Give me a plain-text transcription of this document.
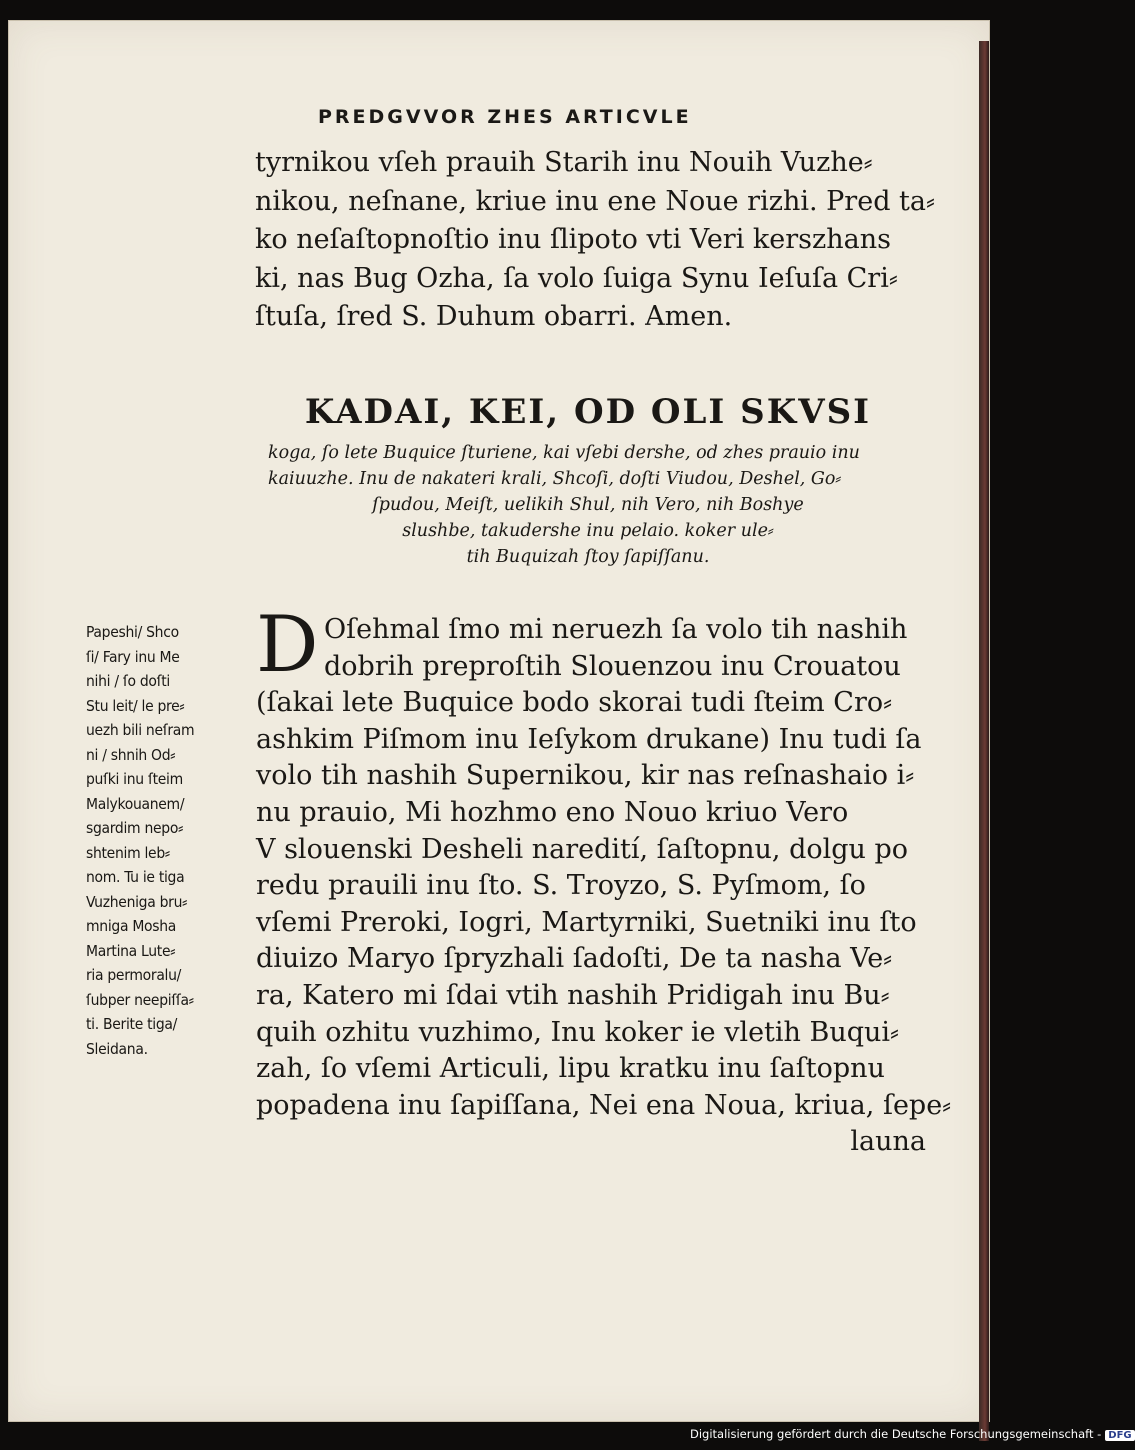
PREDGVVOR ZHES ARTICVLE

tyrnikou vſeh prauih Starih inu Nouih Vuzhe⸗

nikou, neſnane, kriue inu ene Noue rizhi. Pred ta⸗

ko neſaſtopnoſtio inu ſlipoto vti Veri kerszhans

ki, nas Bug Ozha, ſa volo ſuiga Synu Ieſuſa Cri⸗

ſtuſa, ſred S. Duhum obarri. Amen.

KADAI, KEI, OD OLI SKVSI

koga, ſo lete Buquice ſturiene, kai vſebi dershe, od zhes prauio inu

kaiuuzhe. Inu de nakateri krali, Shcoſi, doſti Viudou, Deshel, Go⸗

ſpudou, Meiſt, uelikih Shul, nih Vero, nih Boshye

slushbe, takudershe inu pelaio. koker ule⸗

tih Buquizah ſtoy ſapiſſanu.

Papeshi/ Shco

ſi/ Fary inu Me

nihi / ſo doſti

Stu leit/ le pre⸗

uezh bili neſram

ni / shnih Od⸗

puſki inu ſteim

Malykouanem/

sgardim nepo⸗

shtenim leb⸗

nom. Tu ie tiga

Vuzheniga bru⸗

mniga Mosha

Martina Lute⸗

ria permoralu/

ſubper neepiſſa⸗

ti. Berite tiga/

Sleidana.

D Oſehmal ſmo mi neruezh ſa volo tih nashih

dobrih preproſtih Slouenzou inu Crouatou

(ſakai lete Buquice bodo skorai tudi ſteim Cro⸗

ashkim Piſmom inu Ieſykom drukane) Inu tudi ſa

volo tih nashih Supernikou, kir nas reſnashaio i⸗

nu prauio, Mi hozhmo eno Nouo kriuo Vero

V slouenski Desheli naredití, ſaſtopnu, dolgu po

redu prauili inu ſto. S. Troyzo, S. Pyſmom, ſo

vſemi Preroki, Iogri, Martyrniki, Suetniki inu ſto

diuizo Maryo ſpryzhali ſadoſti, De ta nasha Ve⸗

ra, Katero mi ſdai vtih nashih Pridigah inu Bu⸗

quih ozhitu vuzhimo, Inu koker ie vletih Buqui⸗

zah, ſo vſemi Articuli, lipu kratku inu ſaſtopnu

popadena inu ſapiſſana, Nei ena Noua, kriua, ſepe⸗

launa

Digitalisierung gefördert durch die Deutsche Forschungsgemeinschaft - DFG
